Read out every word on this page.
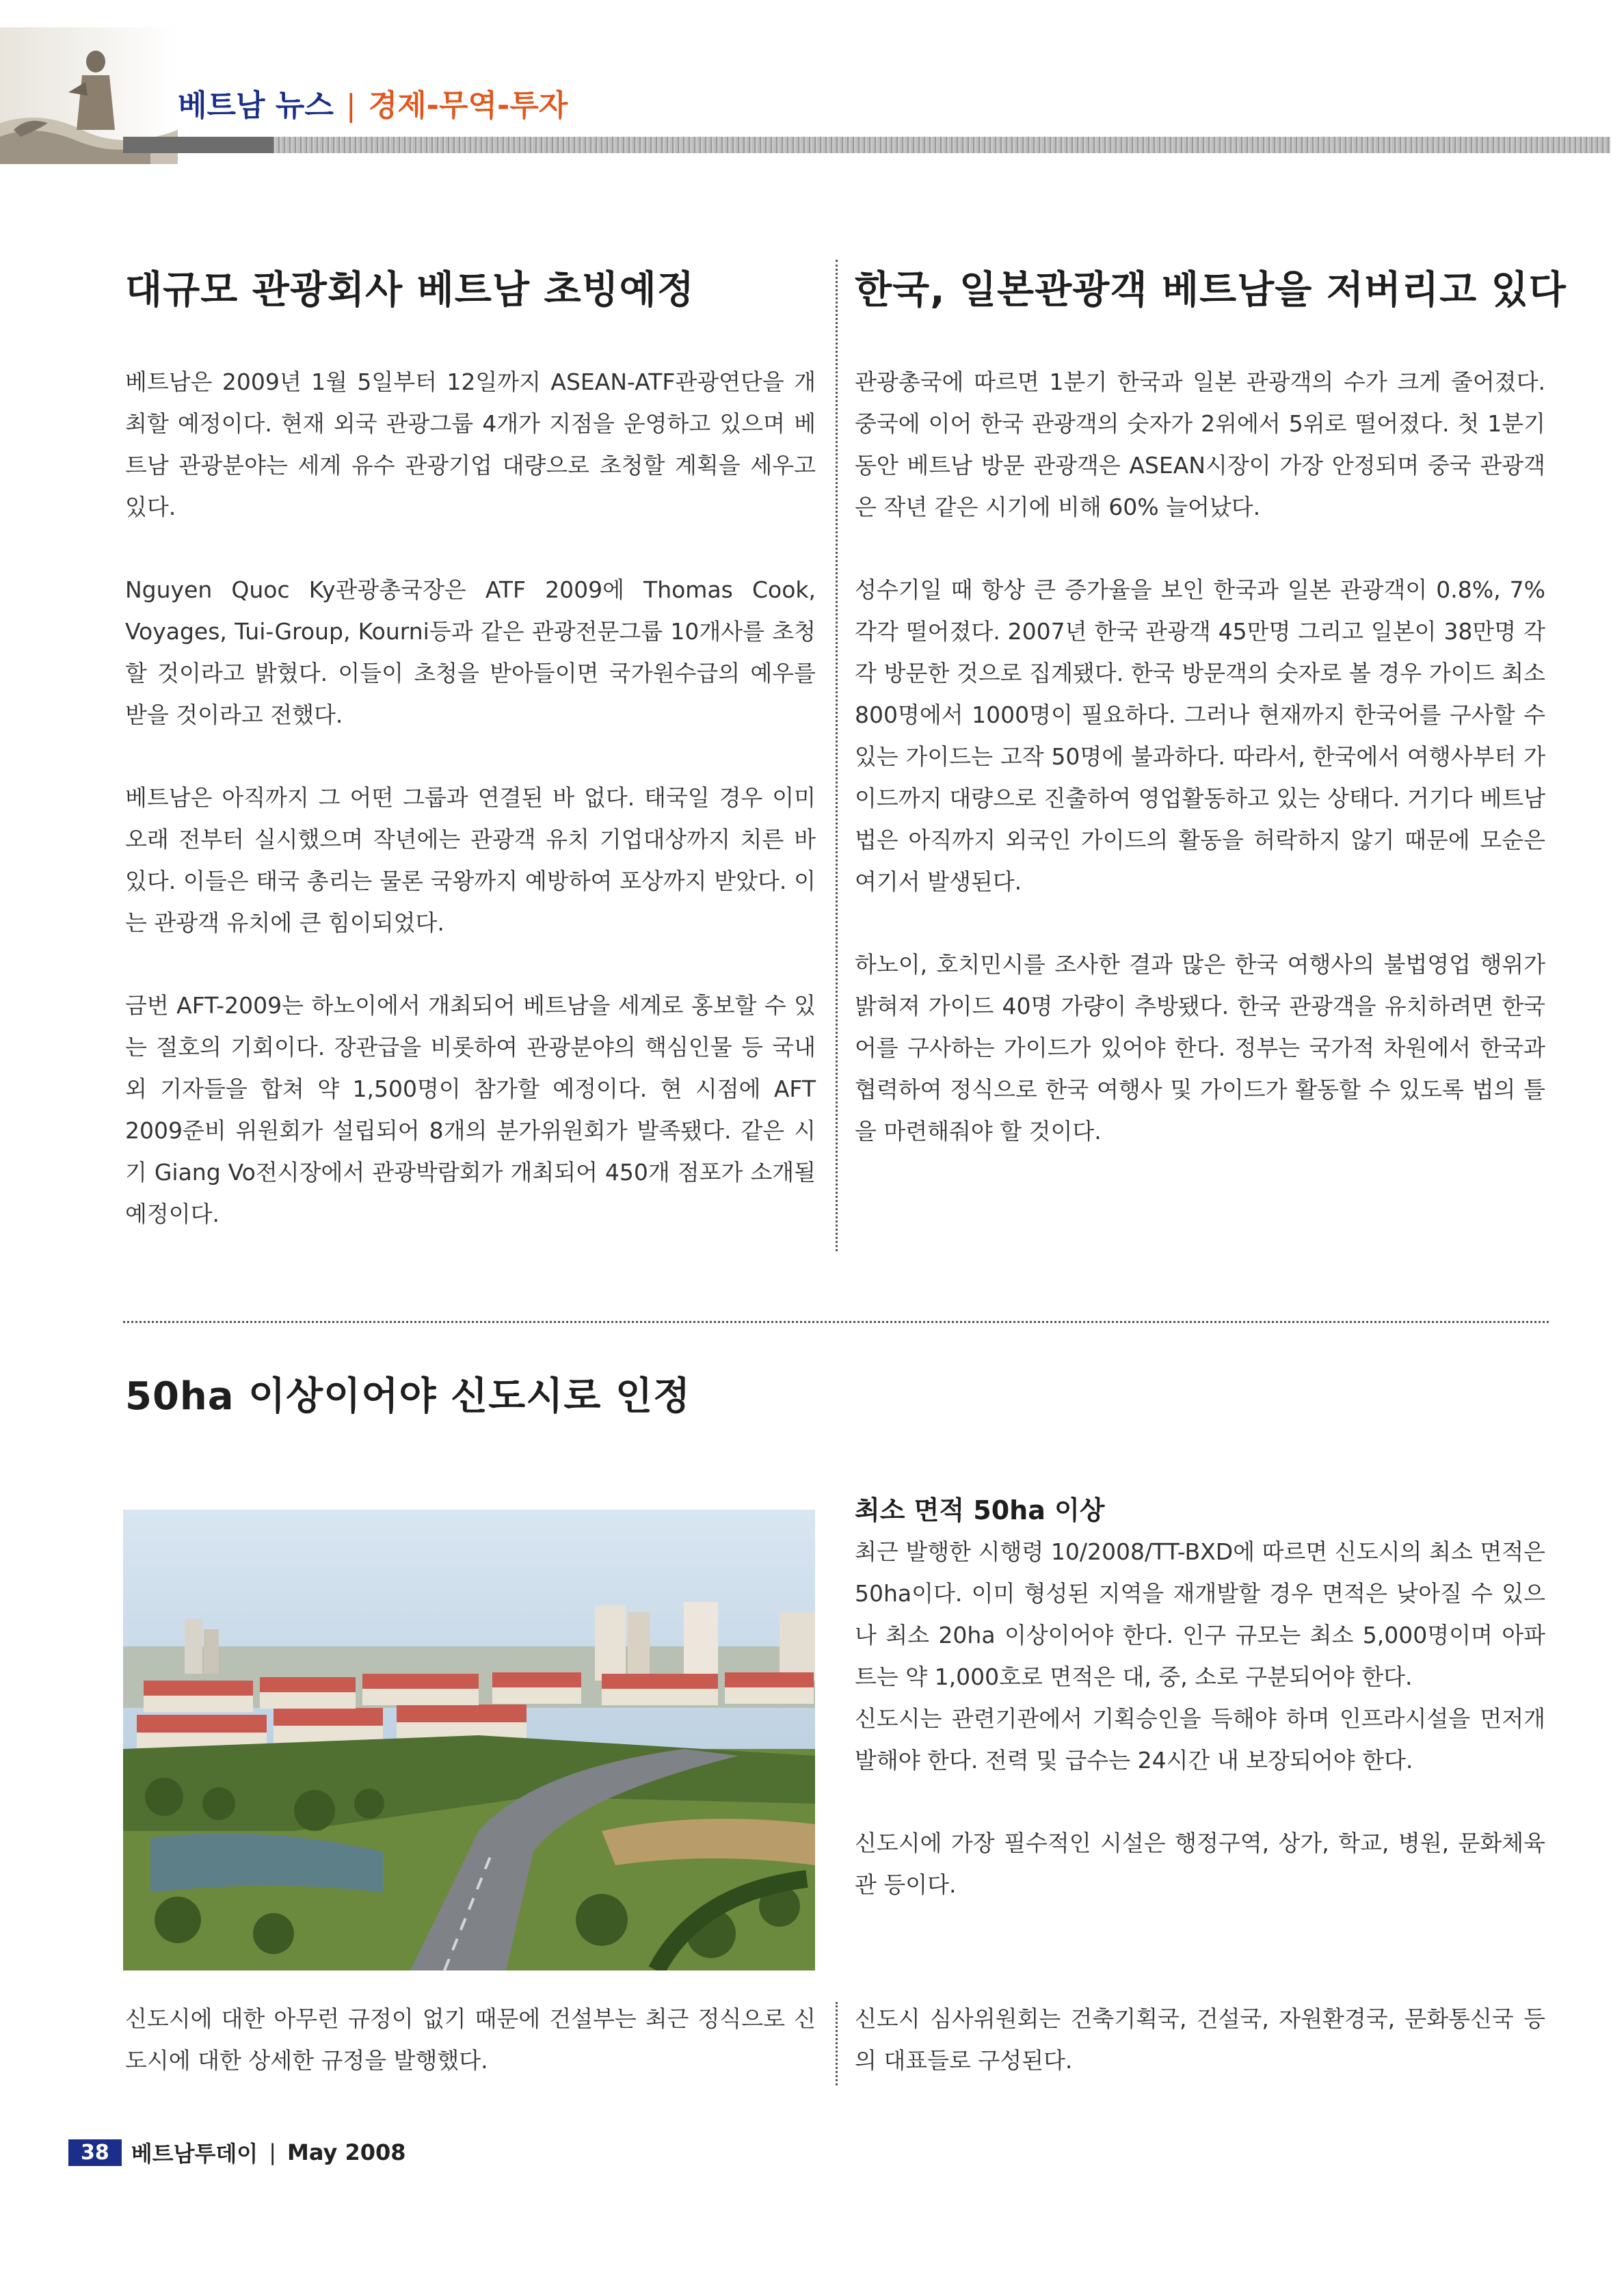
베트남 뉴스 | 경제-무역-투자
대규모 관광회사 베트남 초빙예정

베트남은 2009년 1월 5일부터 12일까지 ASEAN-ATF관광연단을 개최할 예정이다. 현재 외국 관광그룹 4개가 지점을 운영하고 있으며 베트남 관광분야는 세계 유수 관광기업 대량으로 초청할 계획을 세우고 있다.

Nguyen Quoc Ky관광총국장은 ATF 2009에 Thomas Cook, Voyages, Tui-Group, Kourni등과 같은 관광전문그룹 10개사를 초청할 것이라고 밝혔다. 이들이 초청을 받아들이면 국가원수급의 예우를 받을 것이라고 전했다.

베트남은 아직까지 그 어떤 그룹과 연결된 바 없다. 태국일 경우 이미 오래 전부터 실시했으며 작년에는 관광객 유치 기업대상까지 치른 바 있다. 이들은 태국 총리는 물론 국왕까지 예방하여 포상까지 받았다. 이는 관광객 유치에 큰 힘이되었다.

금번 AFT-2009는 하노이에서 개최되어 베트남을 세계로 홍보할 수 있는 절호의 기회이다. 장관급을 비롯하여 관광분야의 핵심인물 등 국내외 기자들을 합쳐 약 1,500명이 참가할 예정이다. 현 시점에 AFT 2009준비 위원회가 설립되어 8개의 분가위원회가 발족됐다. 같은 시기 Giang Vo전시장에서 관광박람회가 개최되어 450개 점포가 소개될 예정이다.

한국, 일본관광객 베트남을 저버리고 있다

관광총국에 따르면 1분기 한국과 일본 관광객의 수가 크게 줄어졌다. 중국에 이어 한국 관광객의 숫자가 2위에서 5위로 떨어졌다. 첫 1분기 동안 베트남 방문 관광객은 ASEAN시장이 가장 안정되며 중국 관광객은 작년 같은 시기에 비해 60% 늘어났다.

성수기일 때 항상 큰 증가율을 보인 한국과 일본 관광객이 0.8%, 7% 각각 떨어졌다. 2007년 한국 관광객 45만명 그리고 일본이 38만명 각각 방문한 것으로 집계됐다. 한국 방문객의 숫자로 볼 경우 가이드 최소 800명에서 1000명이 필요하다. 그러나 현재까지 한국어를 구사할 수 있는 가이드는 고작 50명에 불과하다. 따라서, 한국에서 여행사부터 가이드까지 대량으로 진출하여 영업활동하고 있는 상태다. 거기다 베트남 법은 아직까지 외국인 가이드의 활동을 허락하지 않기 때문에 모순은 여기서 발생된다.

하노이, 호치민시를 조사한 결과 많은 한국 여행사의 불법영업 행위가 밝혀져 가이드 40명 가량이 추방됐다. 한국 관광객을 유치하려면 한국어를 구사하는 가이드가 있어야 한다. 정부는 국가적 차원에서 한국과 협력하여 정식으로 한국 여행사 및 가이드가 활동할 수 있도록 법의 틀을 마련해줘야 할 것이다.

50ha 이상이어야 신도시로 인정
최소 면적 50ha 이상
최근 발행한 시행령 10/2008/TT-BXD에 따르면 신도시의 최소 면적은 50ha이다. 이미 형성된 지역을 재개발할 경우 면적은 낮아질 수 있으나 최소 20ha 이상이어야 한다. 인구 규모는 최소 5,000명이며 아파트는 약 1,000호로 면적은 대, 중, 소로 구분되어야 한다.
신도시는 관련기관에서 기획승인을 득해야 하며 인프라시설을 먼저개발해야 한다. 전력 및 급수는 24시간 내 보장되어야 한다.
신도시에 가장 필수적인 시설은 행정구역, 상가, 학교, 병원, 문화체육관 등이다.
신도시에 대한 아무런 규정이 없기 때문에 건설부는 최근 정식으로 신도시에 대한 상세한 규정을 발행했다.
신도시 심사위원회는 건축기획국, 건설국, 자원환경국, 문화통신국 등의 대표들로 구성된다.
38	베트남투데이 | May 2008
